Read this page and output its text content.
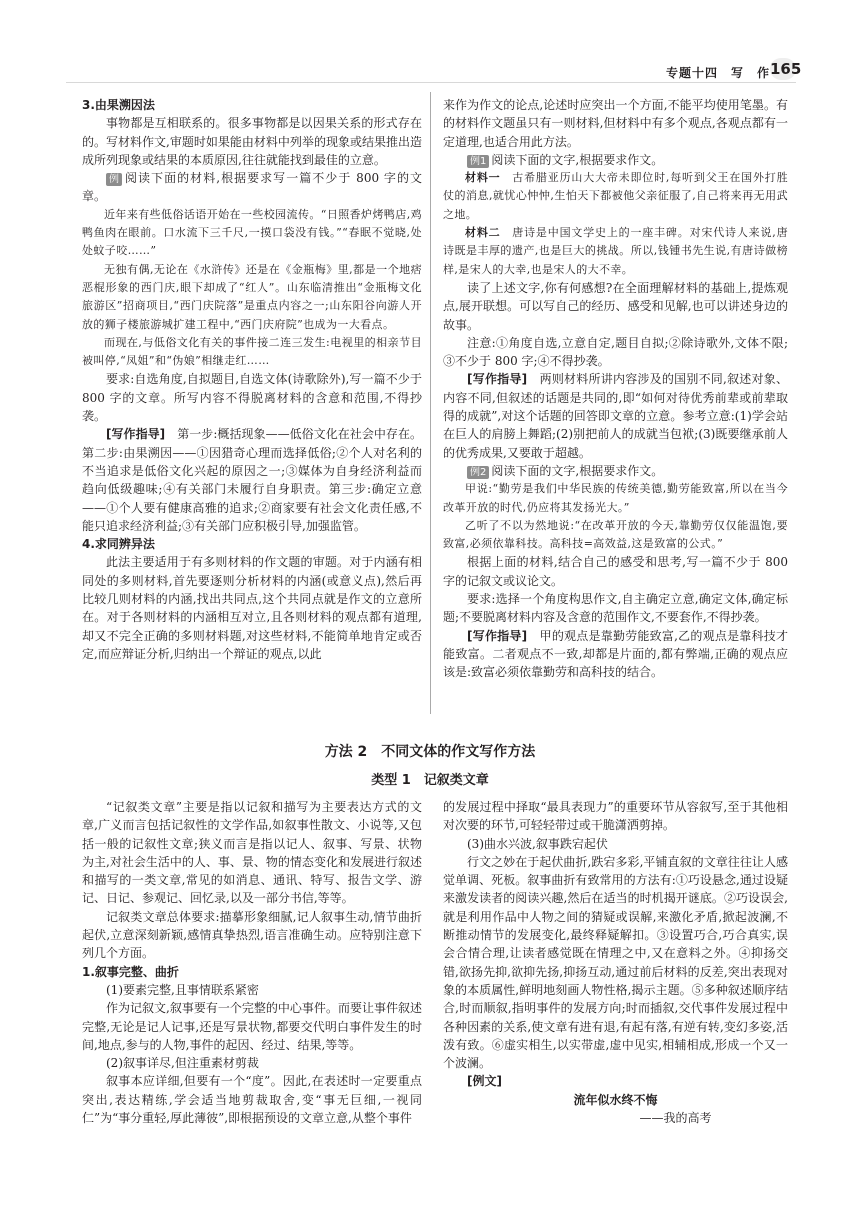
专题十四　写　作 165

3.由果溯因法

事物都是互相联系的。很多事物都是以因果关系的形式存在的。写材料作文,审题时如果能由材料中列举的现象或结果推出造成所列现象或结果的本质原因,往往就能找到最佳的立意。

例 阅读下面的材料,根据要求写一篇不少于 800 字的文章。

近年来有些低俗话语开始在一些校园流传。“日照香炉烤鸭店,鸡鸭鱼肉在眼前。口水流下三千尺,一摸口袋没有钱。”“春眠不觉晓,处处蚊子咬……”

无独有偶,无论在《水浒传》还是在《金瓶梅》里,都是一个地痞恶棍形象的西门庆,眼下却成了“红人”。山东临清推出“金瓶梅文化旅游区”招商项目,“西门庆院落”是重点内容之一;山东阳谷向游人开放的狮子楼旅游城扩建工程中,“西门庆府院”也成为一大看点。

而现在,与低俗文化有关的事件接二连三发生:电视里的相亲节目被叫停,“凤姐”和“伪娘”相继走红……

要求:自选角度,自拟题目,自选文体(诗歌除外),写一篇不少于 800 字的文章。所写内容不得脱离材料的含意和范围,不得抄袭。

[写作指导]　 第一步:概括现象——低俗文化在社会中存在。第二步:由果溯因——①因猎奇心理而选择低俗;②个人对名利的不当追求是低俗文化兴起的原因之一;③媒体为自身经济利益而趋向低级趣味;④有关部门未履行自身职责。第三步:确定立意——①个人要有健康高雅的追求;②商家要有社会文化责任感,不能只追求经济利益;③有关部门应积极引导,加强监管。

4.求同辨异法

此法主要适用于有多则材料的作文题的审题。对于内涵有相同处的多则材料,首先要逐则分析材料的内涵(或意义点),然后再比较几则材料的内涵,找出共同点,这个共同点就是作文的立意所在。对于各则材料的内涵相互对立,且各则材料的观点都有道理,却又不完全正确的多则材料题,对这些材料,不能简单地肯定或否定,而应辩证分析,归纳出一个辩证的观点,以此

来作为作文的论点,论述时应突出一个方面,不能平均使用笔墨。有的材料作文题虽只有一则材料,但材料中有多个观点,各观点都有一定道理,也适合用此方法。

例1 阅读下面的文字,根据要求作文。

材料一　 古希腊亚历山大大帝未即位时,每听到父王在国外打胜仗的消息,就忧心忡忡,生怕天下都被他父亲征服了,自己将来再无用武之地。

材料二　 唐诗是中国文学史上的一座丰碑。对宋代诗人来说,唐诗既是丰厚的遗产,也是巨大的挑战。所以,钱锺书先生说,有唐诗做榜样,是宋人的大幸,也是宋人的大不幸。

读了上述文字,你有何感想?在全面理解材料的基础上,提炼观点,展开联想。可以写自己的经历、感受和见解,也可以讲述身边的故事。

注意:①角度自选,立意自定,题目自拟;②除诗歌外,文体不限;③不少于 800 字;④不得抄袭。

[写作指导]　 两则材料所讲内容涉及的国别不同,叙述对象、内容不同,但叙述的话题是共同的,即“如何对待优秀前辈或前辈取得的成就”,对这个话题的回答即文章的立意。参考立意:(1)学会站在巨人的肩膀上舞蹈;(2)别把前人的成就当包袱;(3)既要继承前人的优秀成果,又要敢于超越。

例2 阅读下面的文字,根据要求作文。

甲说:“勤劳是我们中华民族的传统美德,勤劳能致富,所以在当今改革开放的时代,仍应将其发扬光大。”

乙听了不以为然地说:“在改革开放的今天,靠勤劳仅仅能温饱,要致富,必须依靠科技。高科技=高效益,这是致富的公式。”

根据上面的材料,结合自己的感受和思考,写一篇不少于 800 字的记叙文或议论文。

要求:选择一个角度构思作文,自主确定立意,确定文体,确定标题;不要脱离材料内容及含意的范围作文,不要套作,不得抄袭。

[写作指导]　 甲的观点是靠勤劳能致富,乙的观点是靠科技才能致富。二者观点不一致,却都是片面的,都有弊端,正确的观点应该是:致富必须依靠勤劳和高科技的结合。

方法 2　不同文体的作文写作方法
类型 1　记叙类文章

“记叙类文章”主要是指以记叙和描写为主要表达方式的文章,广义而言包括记叙性的文学作品,如叙事性散文、小说等,又包括一般的记叙性文章;狭义而言是指以记人、叙事、写景、状物为主,对社会生活中的人、事、景、物的情态变化和发展进行叙述和描写的一类文章,常见的如消息、通讯、特写、报告文学、游记、日记、参观记、回忆录,以及一部分书信,等等。

记叙类文章总体要求:描摹形象细腻,记人叙事生动,情节曲折起伏,立意深刻新颖,感情真挚热烈,语言准确生动。应特别注意下列几个方面。

1.叙事完整、曲折

(1)要素完整,且事情联系紧密

作为记叙文,叙事要有一个完整的中心事件。而要让事件叙述完整,无论是记人记事,还是写景状物,都要交代明白事件发生的时间,地点,参与的人物,事件的起因、经过、结果,等等。

(2)叙事详尽,但注重素材剪裁

叙事本应详细,但要有一个“度”。因此,在表述时一定要重点突出,表达精练,学会适当地剪裁取舍,变“事无巨细,一视同仁”为“事分重轻,厚此薄彼”,即根据预设的文章立意,从整个事件

的发展过程中择取“最具表现力”的重要环节从容叙写,至于其他相对次要的环节,可轻轻带过或干脆潇洒剪掉。

(3)曲水兴波,叙事跌宕起伏

行文之妙在于起伏曲折,跌宕多彩,平铺直叙的文章往往让人感觉单调、死板。叙事曲折有致常用的方法有:①巧设悬念,通过设疑来激发读者的阅读兴趣,然后在适当的时机揭开谜底。②巧设误会,就是利用作品中人物之间的猜疑或误解,来激化矛盾,掀起波澜,不断推动情节的发展变化,最终释疑解扣。③设置巧合,巧合真实,误会合情合理,让读者感觉既在情理之中,又在意料之外。④抑扬交错,欲扬先抑,欲抑先扬,抑扬互动,通过前后材料的反差,突出表现对象的本质属性,鲜明地刻画人物性格,揭示主题。⑤多种叙述顺序结合,时而顺叙,指明事件的发展方向;时而插叙,交代事件发展过程中各种因素的关系,使文章有进有退,有起有落,有逆有转,变幻多姿,活泼有致。⑥虚实相生,以实带虚,虚中见实,相辅相成,形成一个又一个波澜。

[例文]

流年似水终不悔

——我的高考
